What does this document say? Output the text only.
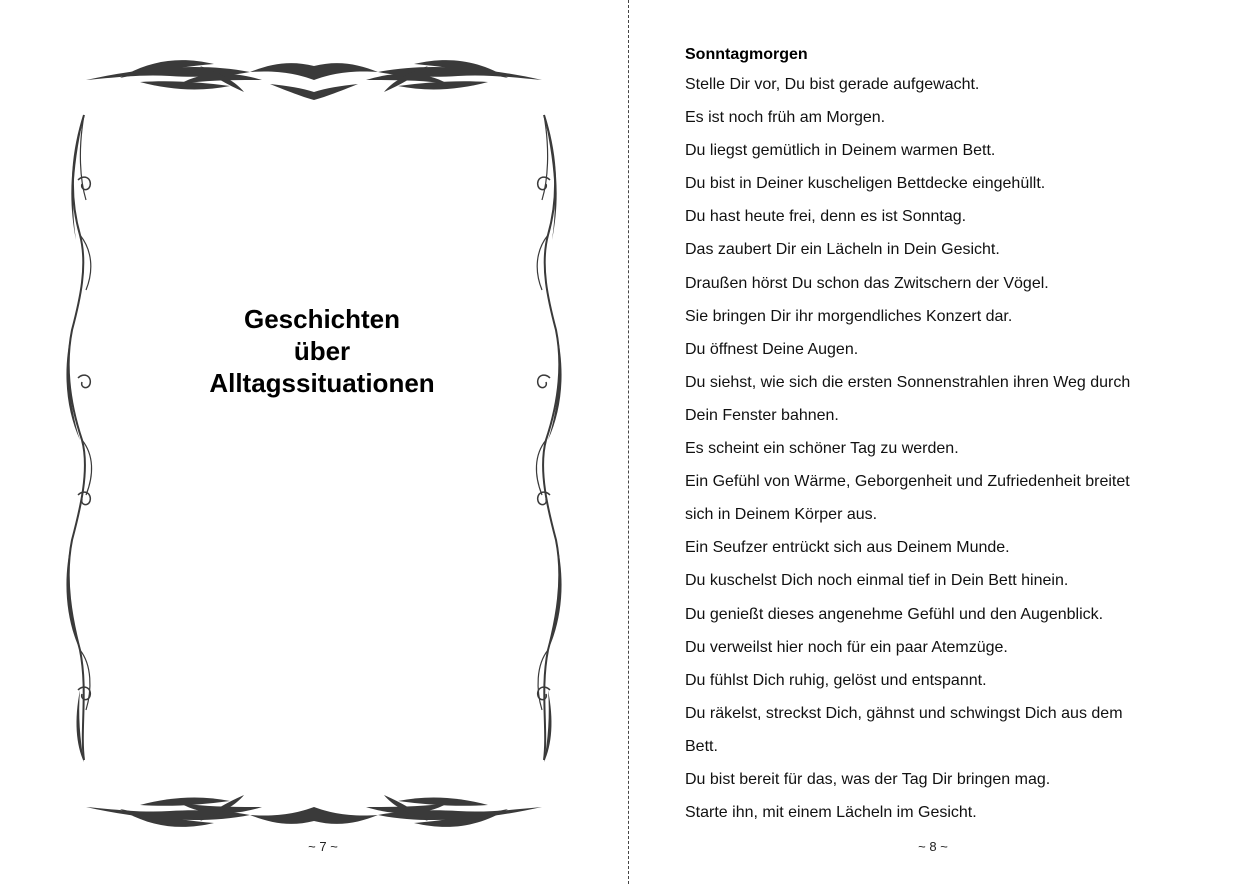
Geschichten
über
Alltagssituationen
~ 7 ~
Sonntagmorgen
Stelle Dir vor, Du bist gerade aufgewacht.
Es ist noch früh am Morgen.
Du liegst gemütlich in Deinem warmen Bett.
Du bist in Deiner kuscheligen Bettdecke eingehüllt.
Du hast heute frei, denn es ist Sonntag.
Das zaubert Dir ein Lächeln in Dein Gesicht.
Draußen hörst Du schon das Zwitschern der Vögel.
Sie bringen Dir ihr morgendliches Konzert dar.
Du öffnest Deine Augen.
Du siehst, wie sich die ersten Sonnenstrahlen ihren Weg durch
Dein Fenster bahnen.
Es scheint ein schöner Tag zu werden.
Ein Gefühl von Wärme, Geborgenheit und Zufriedenheit breitet
sich in Deinem Körper aus.
Ein Seufzer entrückt sich aus Deinem Munde.
Du kuschelst Dich noch einmal tief in Dein Bett hinein.
Du genießt dieses angenehme Gefühl und den Augenblick.
Du verweilst hier noch für ein paar Atemzüge.
Du fühlst Dich ruhig, gelöst und entspannt.
Du räkelst, streckst Dich, gähnst und schwingst Dich aus dem
Bett.
Du bist bereit für das, was der Tag Dir bringen mag.
Starte ihn, mit einem Lächeln im Gesicht.
~ 8 ~
